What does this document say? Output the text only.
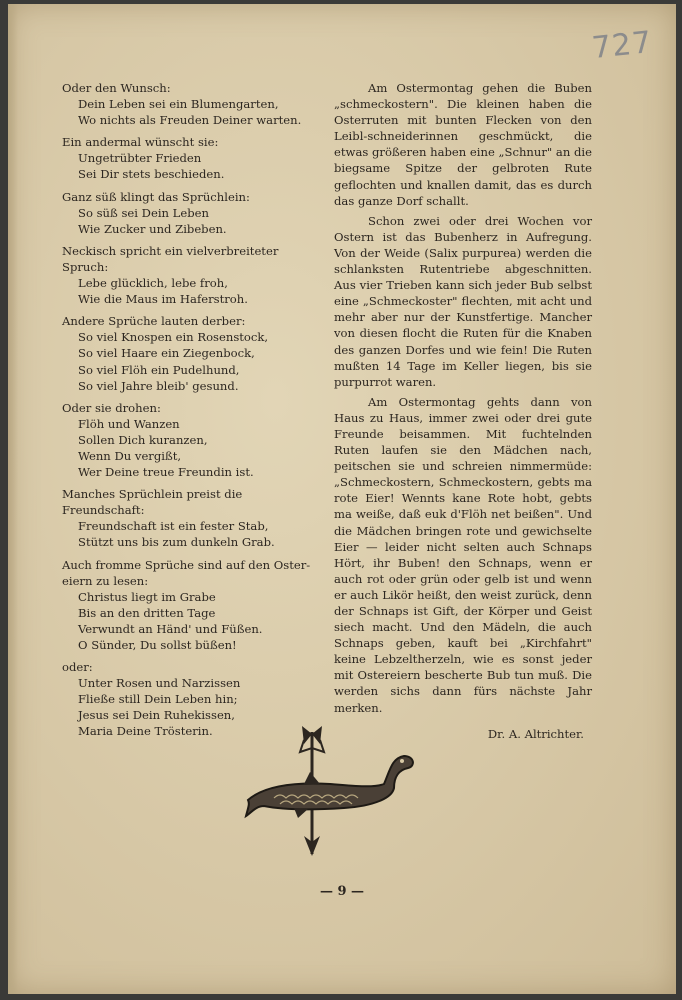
727

Oder den Wunsch:

Dein Leben sei ein Blumengarten,
Wo nichts als Freuden Deiner warten.

Ein andermal wünscht sie:

Ungetrübter Frieden
Sei Dir stets beschieden.

Ganz süß klingt das Sprüchlein:

So süß sei Dein Leben
Wie Zucker und Zibeben.

Neckisch spricht ein vielverbreiteter Spruch:

Lebe glücklich, lebe froh,
Wie die Maus im Haferstroh.

Andere Sprüche lauten derber:

So viel Knospen ein Rosenstock,
So viel Haare ein Ziegenbock,
So viel Flöh ein Pudelhund,
So viel Jahre bleib' gesund.

Oder sie drohen:

Flöh und Wanzen
Sollen Dich kuranzen,
Wenn Du vergißt,
Wer Deine treue Freundin ist.

Manches Sprüchlein preist die Freundschaft:

Freundschaft ist ein fester Stab,
Stützt uns bis zum dunkeln Grab.

Auch fromme Sprüche sind auf den Oster-
eiern zu lesen:

Christus liegt im Grabe
Bis an den dritten Tage
Verwundt an Händ' und Füßen.
O Sünder, Du sollst büßen!

oder:

Unter Rosen und Narzissen
Fließe still Dein Leben hin;
Jesus sei Dein Ruhekissen,
Maria Deine Trösterin.

Am Ostermontag gehen die Buben „schmeckostern". Die kleinen haben die Osterruten mit bunten Flecken von den Leibl-schneiderinnen geschmückt, die etwas größeren haben eine „Schnur" an die biegsame Spitze der gelbroten Rute geflochten und knallen damit, das es durch das ganze Dorf schallt.

Schon zwei oder drei Wochen vor Ostern ist das Bubenherz in Aufregung. Von der Weide (Salix purpurea) werden die schlanksten Rutentriebe abgeschnitten. Aus vier Trieben kann sich jeder Bub selbst eine „Schmeckoster" flechten, mit acht und mehr aber nur der Kunstfertige. Mancher von diesen flocht die Ruten für die Knaben des ganzen Dorfes und wie fein! Die Ruten mußten 14 Tage im Keller liegen, bis sie purpurrot waren.

Am Ostermontag gehts dann von Haus zu Haus, immer zwei oder drei gute Freunde beisammen. Mit fuchtelnden Ruten laufen sie den Mädchen nach, peitschen sie und schreien nimmermüde: „Schmeckostern, Schmeckostern, gebts ma rote Eier! Wennts kane Rote hobt, gebts ma weiße, daß euk d'Flöh net beißen". Und die Mädchen bringen rote und gewichselte Eier — leider nicht selten auch Schnaps Hört, ihr Buben! den Schnaps, wenn er auch rot oder grün oder gelb ist und wenn er auch Likör heißt, den weist zurück, denn der Schnaps ist Gift, der Körper und Geist siech macht. Und den Mädeln, die auch Schnaps geben, kauft bei „Kirchfahrt" keine Lebzeltherzeln, wie es sonst jeder mit Ostereiern bescherte Bub tun muß. Die werden sichs dann fürs nächste Jahr merken.

Dr. A. Altrichter.
— 9 —
